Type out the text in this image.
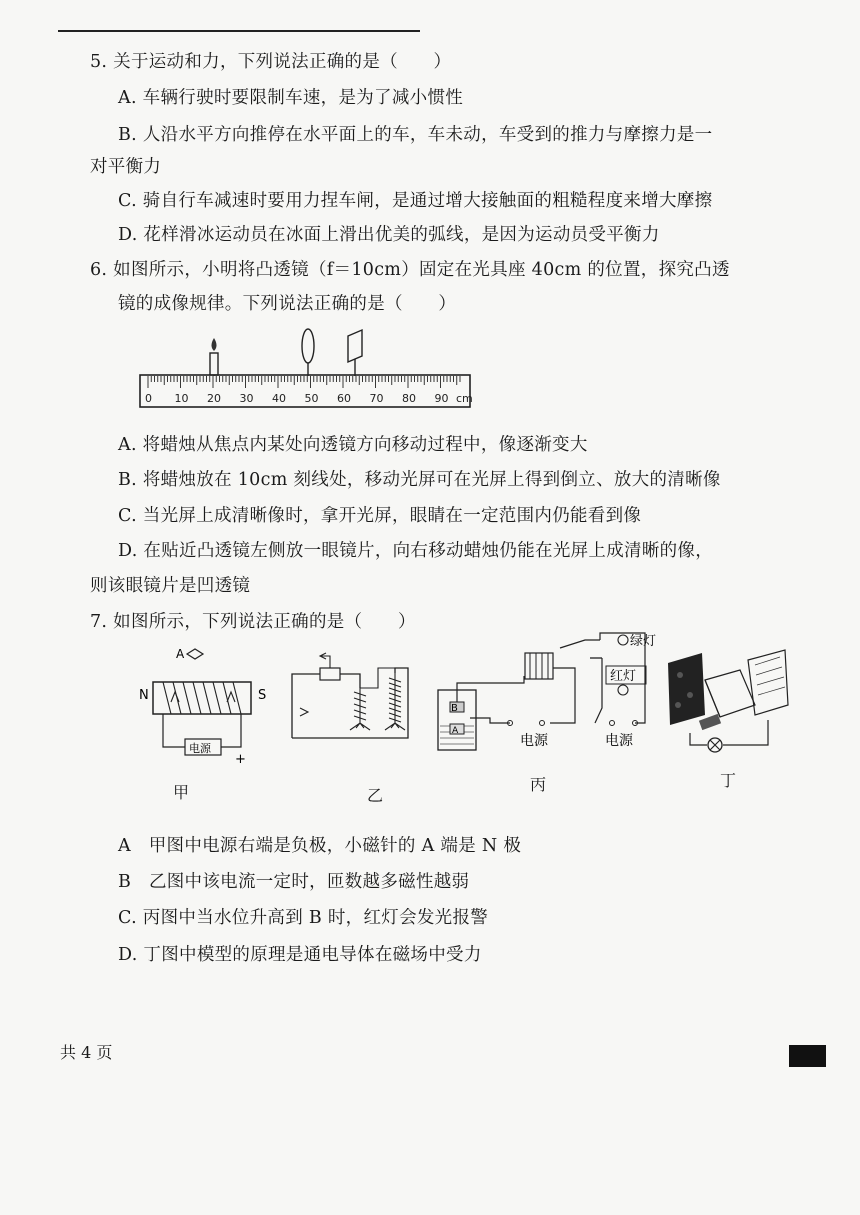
5. 关于运动和力，下列说法正确的是（　　）
A. 车辆行驶时要限制车速，是为了减小惯性
B. 人沿水平方向推停在水平面上的车，车未动，车受到的推力与摩擦力是一
对平衡力
C. 骑自行车减速时要用力捏车闸，是通过增大接触面的粗糙程度来增大摩擦
D. 花样滑冰运动员在冰面上滑出优美的弧线，是因为运动员受平衡力
6. 如图所示，小明将凸透镜（f＝10cm）固定在光具座 40cm 的位置，探究凸透
镜的成像规律。下列说法正确的是（　　）
0 10 20 30 40 50 60 70 80 90 cm
A. 将蜡烛从焦点内某处向透镜方向移动过程中，像逐渐变大
B. 将蜡烛放在 10cm 刻线处，移动光屏可在光屏上得到倒立、放大的清晰像
C. 当光屏上成清晰像时，拿开光屏，眼睛在一定范围内仍能看到像
D. 在贴近凸透镜左侧放一眼镜片，向右移动蜡烛仍能在光屏上成清晰的像，
则该眼镜片是凹透镜
7. 如图所示，下列说法正确的是（　　）
A
N	S
电源
+
甲	乙
B
A
电源
绿灯
红灯
电源
丙	丁
A　甲图中电源右端是负极，小磁针的 A 端是 N 极
B　乙图中该电流一定时，匝数越多磁性越弱
C. 丙图中当水位升高到 B 时，红灯会发光报警
D. 丁图中模型的原理是通电导体在磁场中受力
共 4 页
